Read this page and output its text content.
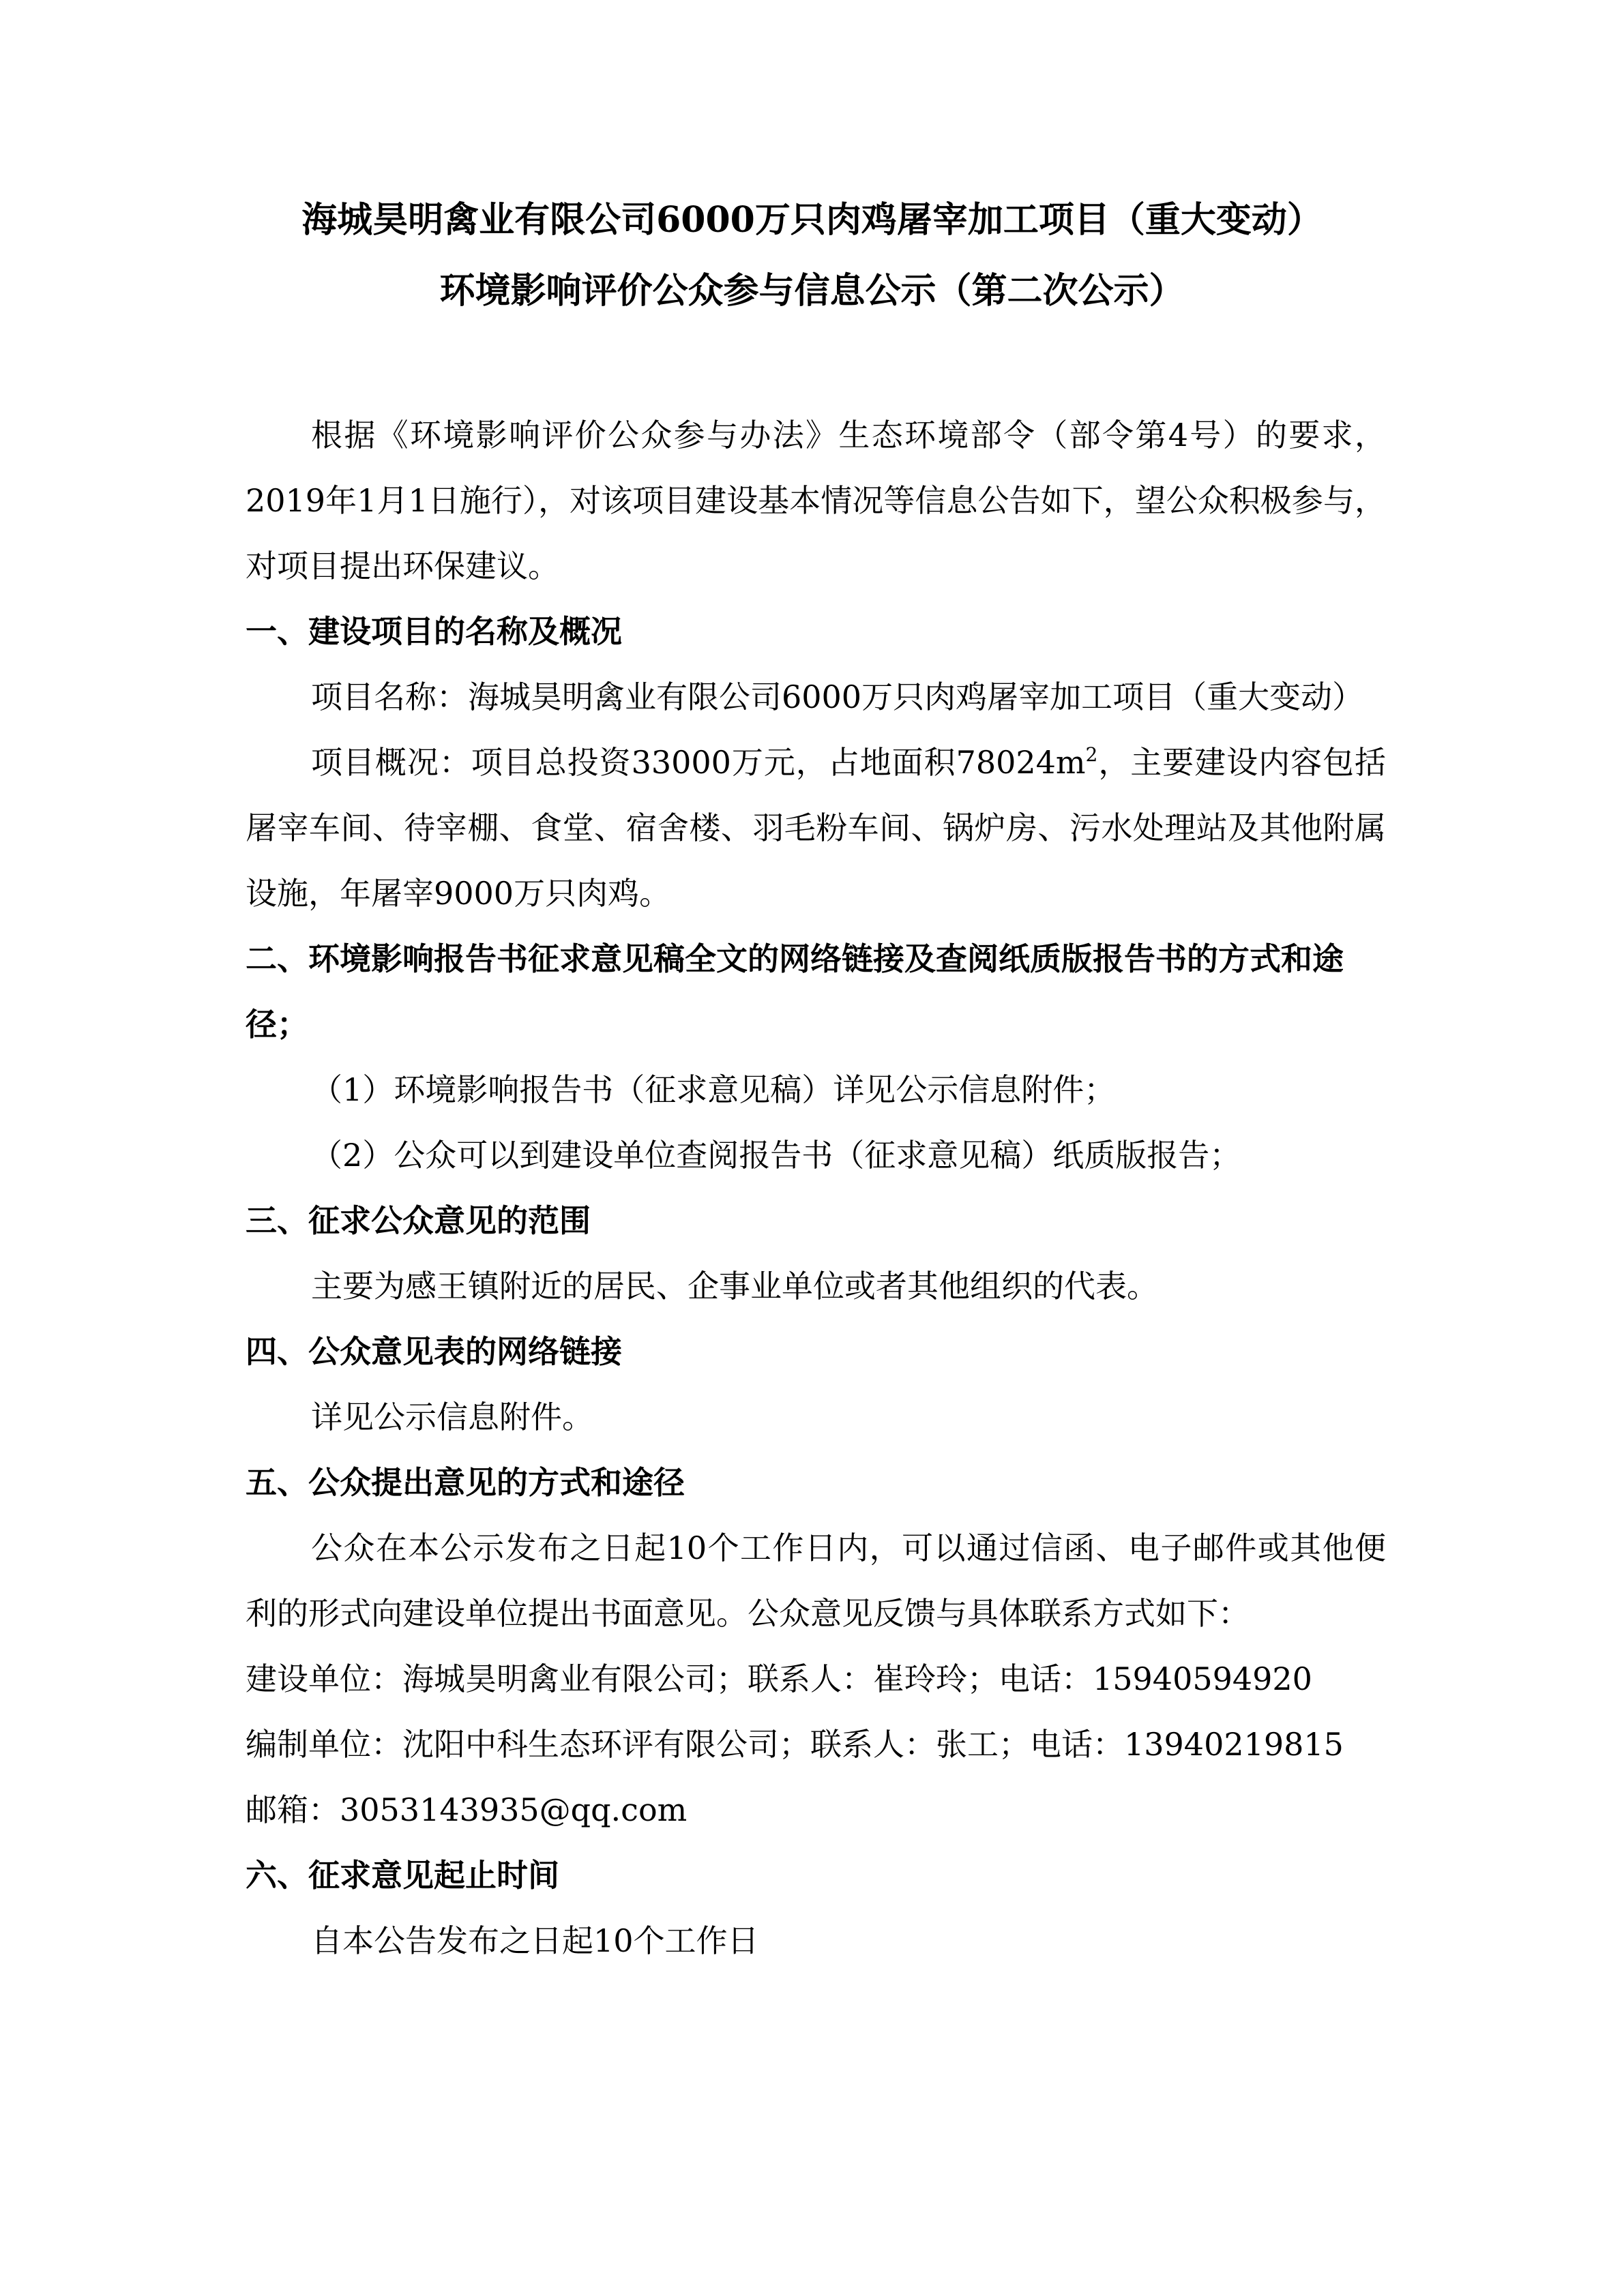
海城昊明禽业有限公司6000万只肉鸡屠宰加工项目（重大变动）
环境影响评价公众参与信息公示（第二次公示）

根据《环境影响评价公众参与办法》生态环境部令（部令第4号）的要求，2019年1月1日施行），对该项目建设基本情况等信息公告如下，望公众积极参与，对项目提出环保建议。

一、建设项目的名称及概况

项目名称：海城昊明禽业有限公司6000万只肉鸡屠宰加工项目（重大变动）

项目概况：项目总投资33000万元，占地面积$78024m^2$，主要建设内容包括屠宰车间、待宰棚、食堂、宿舍楼、羽毛粉车间、锅炉房、污水处理站及其他附属设施，年屠宰9000万只肉鸡。

二、环境影响报告书征求意见稿全文的网络链接及查阅纸质版报告书的方式和途径；

（1）环境影响报告书（征求意见稿）详见公示信息附件；

（2）公众可以到建设单位查阅报告书（征求意见稿）纸质版报告；

三、征求公众意见的范围

主要为感王镇附近的居民、企事业单位或者其他组织的代表。

四、公众意见表的网络链接

详见公示信息附件。

五、公众提出意见的方式和途径

公众在本公示发布之日起10个工作日内，可以通过信函、电子邮件或其他便利的形式向建设单位提出书面意见。公众意见反馈与具体联系方式如下：

建设单位：海城昊明禽业有限公司；联系人：崔玲玲；电话：15940594920

编制单位：沈阳中科生态环评有限公司；联系人：张工；电话：13940219815

邮箱：3053143935@qq.com

六、征求意见起止时间

自本公告发布之日起10个工作日
